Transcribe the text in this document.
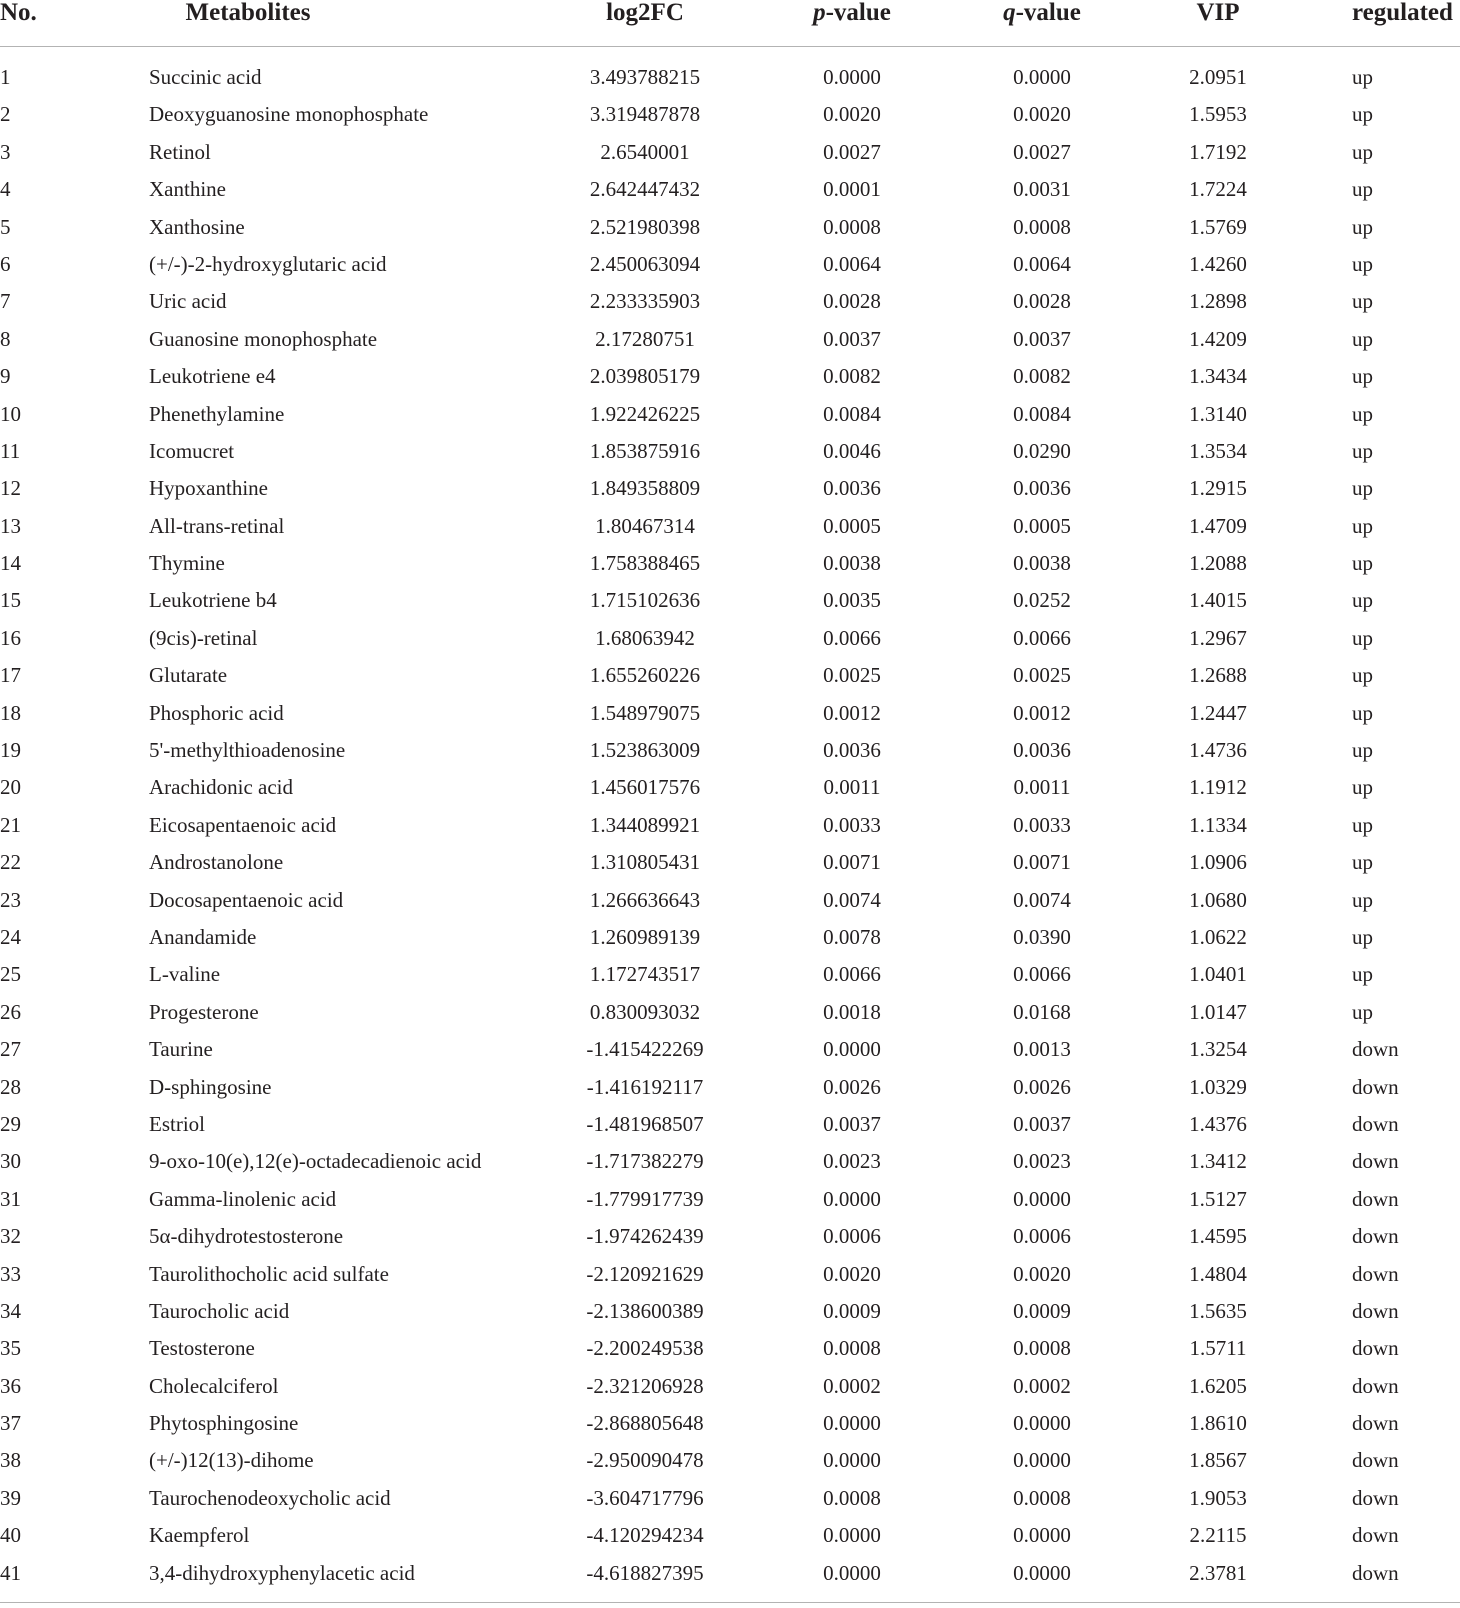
No.	Metabolites	log2FC	p-value	q-value	VIP	regulated
1	Succinic acid	3.493788215	0.0000	0.0000	2.0951	up
2	Deoxyguanosine monophosphate	3.319487878	0.0020	0.0020	1.5953	up
3	Retinol	2.6540001	0.0027	0.0027	1.7192	up
4	Xanthine	2.642447432	0.0001	0.0031	1.7224	up
5	Xanthosine	2.521980398	0.0008	0.0008	1.5769	up
6	(+/-)-2-hydroxyglutaric acid	2.450063094	0.0064	0.0064	1.4260	up
7	Uric acid	2.233335903	0.0028	0.0028	1.2898	up
8	Guanosine monophosphate	2.17280751	0.0037	0.0037	1.4209	up
9	Leukotriene e4	2.039805179	0.0082	0.0082	1.3434	up
10	Phenethylamine	1.922426225	0.0084	0.0084	1.3140	up
11	Icomucret	1.853875916	0.0046	0.0290	1.3534	up
12	Hypoxanthine	1.849358809	0.0036	0.0036	1.2915	up
13	All-trans-retinal	1.80467314	0.0005	0.0005	1.4709	up
14	Thymine	1.758388465	0.0038	0.0038	1.2088	up
15	Leukotriene b4	1.715102636	0.0035	0.0252	1.4015	up
16	(9cis)-retinal	1.68063942	0.0066	0.0066	1.2967	up
17	Glutarate	1.655260226	0.0025	0.0025	1.2688	up
18	Phosphoric acid	1.548979075	0.0012	0.0012	1.2447	up
19	5'-methylthioadenosine	1.523863009	0.0036	0.0036	1.4736	up
20	Arachidonic acid	1.456017576	0.0011	0.0011	1.1912	up
21	Eicosapentaenoic acid	1.344089921	0.0033	0.0033	1.1334	up
22	Androstanolone	1.310805431	0.0071	0.0071	1.0906	up
23	Docosapentaenoic acid	1.266636643	0.0074	0.0074	1.0680	up
24	Anandamide	1.260989139	0.0078	0.0390	1.0622	up
25	L-valine	1.172743517	0.0066	0.0066	1.0401	up
26	Progesterone	0.830093032	0.0018	0.0168	1.0147	up
27	Taurine	-1.415422269	0.0000	0.0013	1.3254	down
28	D-sphingosine	-1.416192117	0.0026	0.0026	1.0329	down
29	Estriol	-1.481968507	0.0037	0.0037	1.4376	down
30	9-oxo-10(e),12(e)-octadecadienoic acid	-1.717382279	0.0023	0.0023	1.3412	down
31	Gamma-linolenic acid	-1.779917739	0.0000	0.0000	1.5127	down
32	5α-dihydrotestosterone	-1.974262439	0.0006	0.0006	1.4595	down
33	Taurolithocholic acid sulfate	-2.120921629	0.0020	0.0020	1.4804	down
34	Taurocholic acid	-2.138600389	0.0009	0.0009	1.5635	down
35	Testosterone	-2.200249538	0.0008	0.0008	1.5711	down
36	Cholecalciferol	-2.321206928	0.0002	0.0002	1.6205	down
37	Phytosphingosine	-2.868805648	0.0000	0.0000	1.8610	down
38	(+/-)12(13)-dihome	-2.950090478	0.0000	0.0000	1.8567	down
39	Taurochenodeoxycholic acid	-3.604717796	0.0008	0.0008	1.9053	down
40	Kaempferol	-4.120294234	0.0000	0.0000	2.2115	down
41	3,4-dihydroxyphenylacetic acid	-4.618827395	0.0000	0.0000	2.3781	down
